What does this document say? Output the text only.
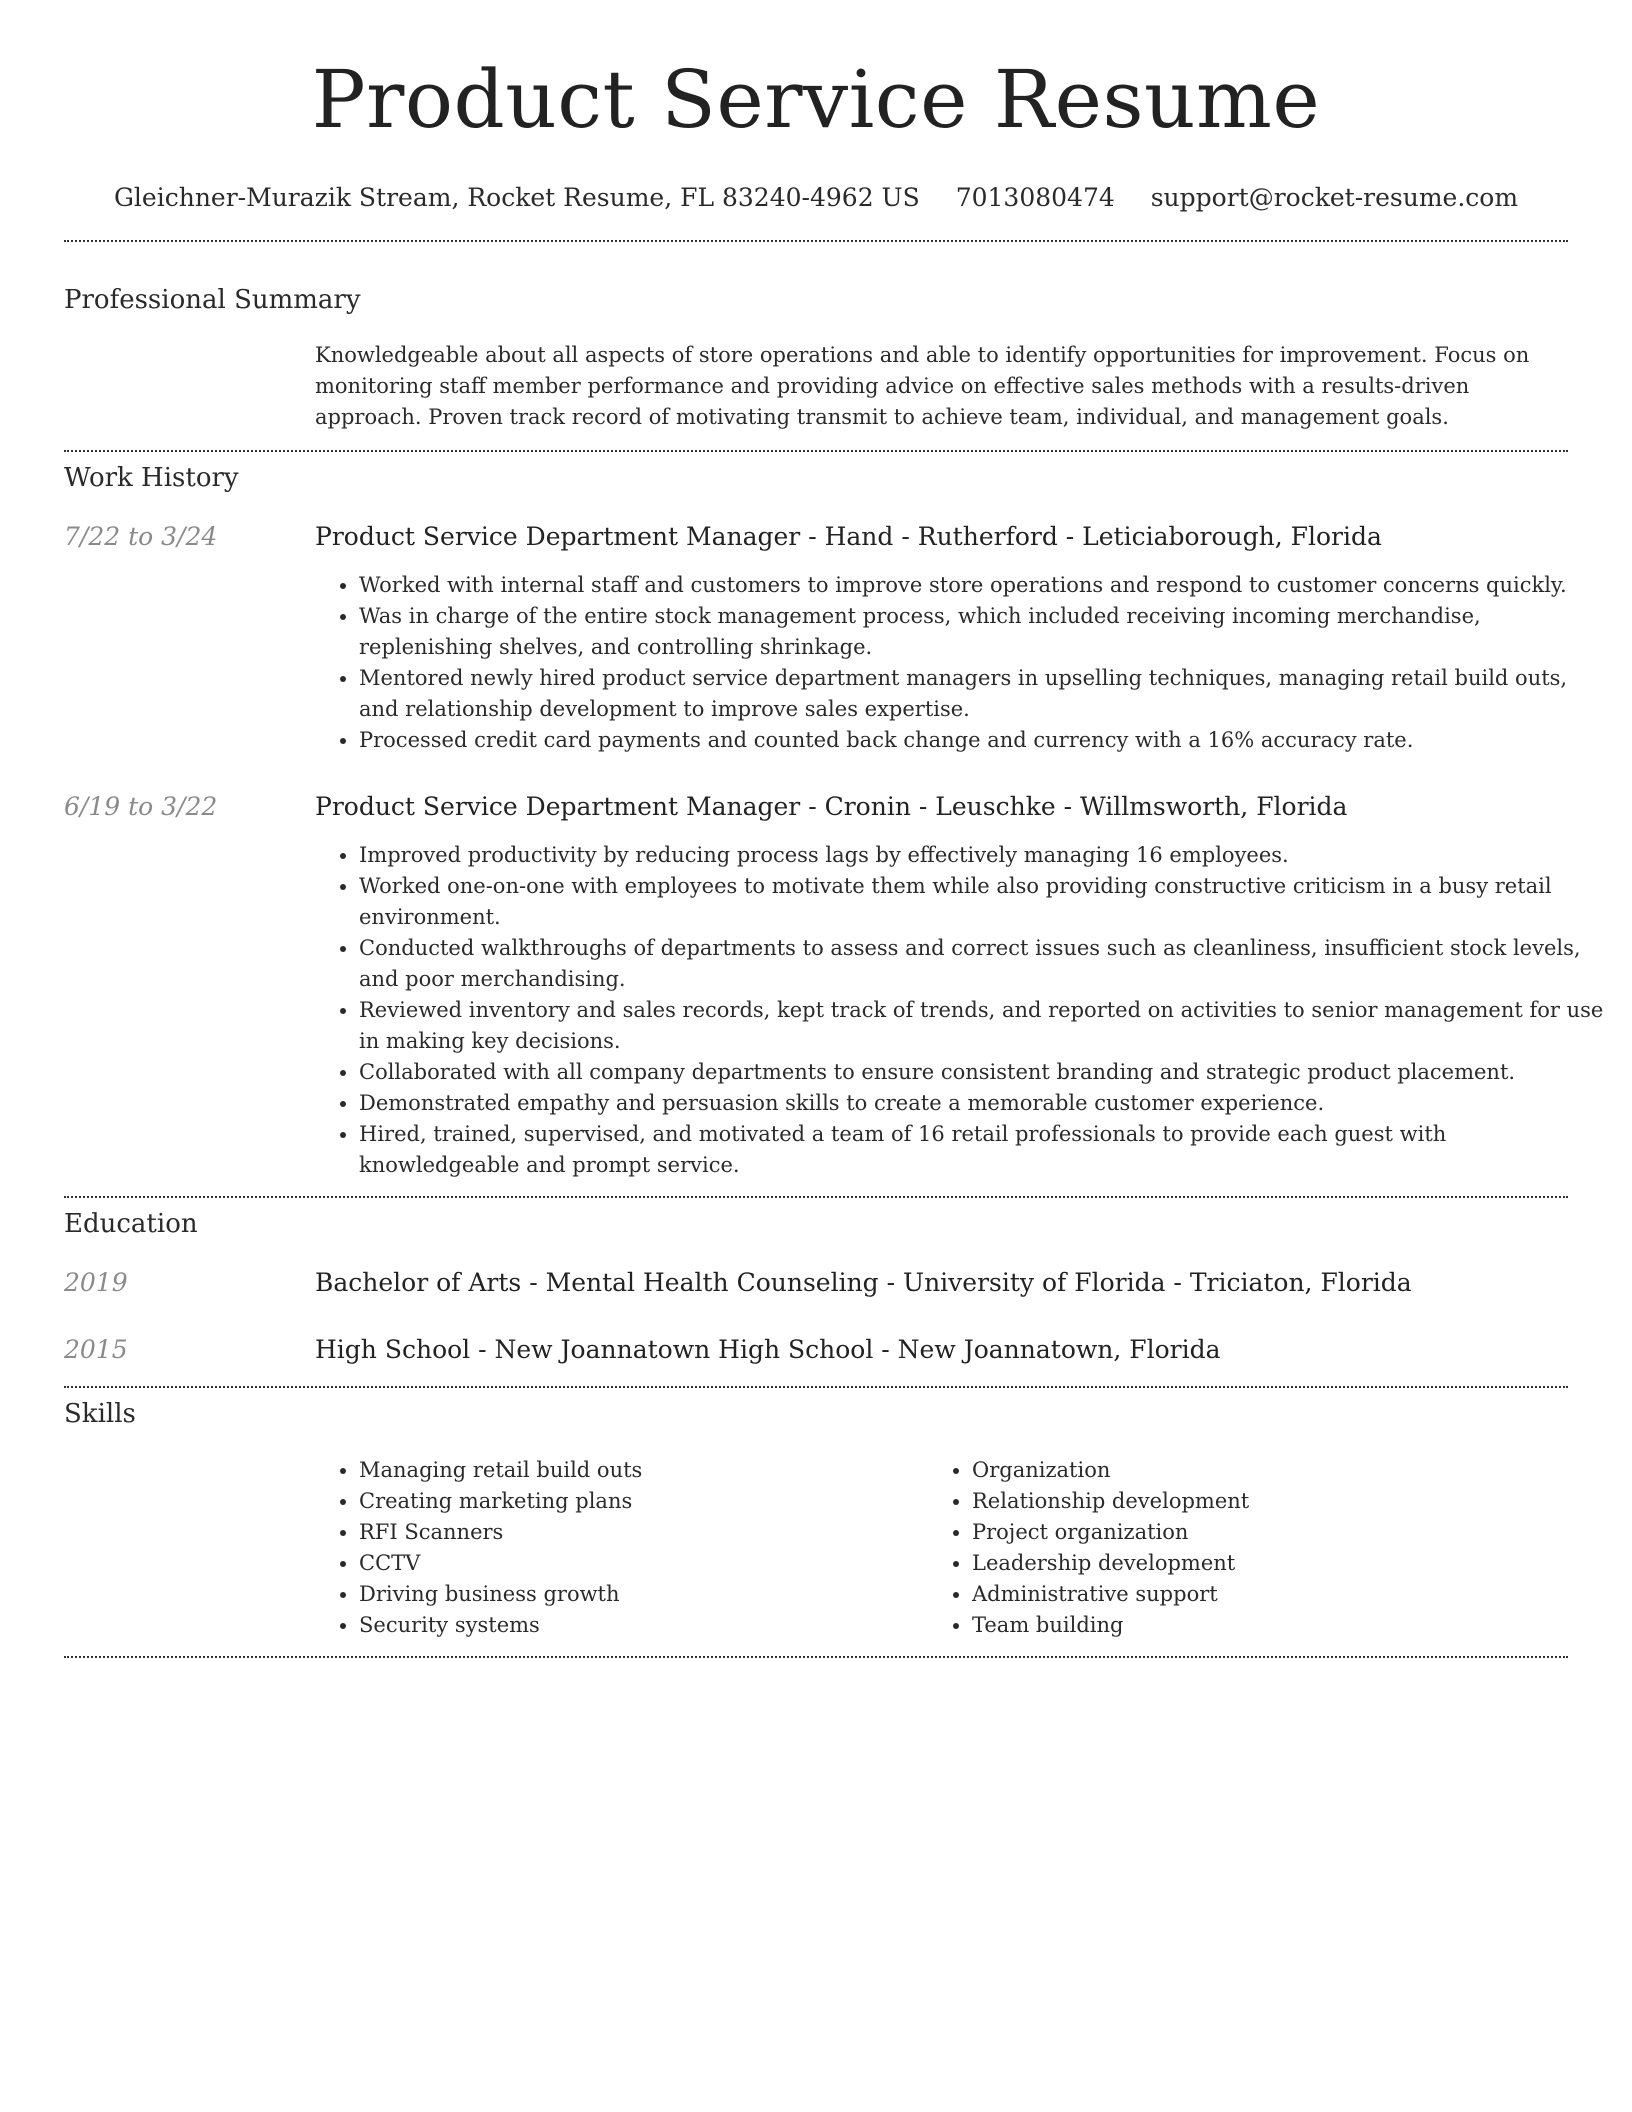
Product Service Resume
Gleichner-Murazik Stream, Rocket Resume, FL 83240-4962 US 7013080474 support@rocket-resume.com
Professional Summary

Knowledgeable about all aspects of store operations and able to identify opportunities for improvement. Focus on monitoring staff member performance and providing advice on effective sales methods with a results-driven approach. Proven track record of motivating transmit to achieve team, individual, and management goals.

Work History
7/22 to 3/24	Product Service Department Manager - Hand - Rutherford - Leticiaborough, Florida
• Worked with internal staff and customers to improve store operations and respond to customer concerns quickly.
• Was in charge of the entire stock management process, which included receiving incoming merchandise, replenishing shelves, and controlling shrinkage.
• Mentored newly hired product service department managers in upselling techniques, managing retail build outs, and relationship development to improve sales expertise.
• Processed credit card payments and counted back change and currency with a 16% accuracy rate.
6/19 to 3/22	Product Service Department Manager - Cronin - Leuschke - Willmsworth, Florida
• Improved productivity by reducing process lags by effectively managing 16 employees.
• Worked one-on-one with employees to motivate them while also providing constructive criticism in a busy retail environment.
• Conducted walkthroughs of departments to assess and correct issues such as cleanliness, insufficient stock levels, and poor merchandising.
• Reviewed inventory and sales records, kept track of trends, and reported on activities to senior management for use in making key decisions.
• Collaborated with all company departments to ensure consistent branding and strategic product placement.
• Demonstrated empathy and persuasion skills to create a memorable customer experience.
• Hired, trained, supervised, and motivated a team of 16 retail professionals to provide each guest with knowledgeable and prompt service.
Education
2019	Bachelor of Arts - Mental Health Counseling - University of Florida - Triciaton, Florida
2015	High School - New Joannatown High School - New Joannatown, Florida
Skills
• Managing retail build outs
• Creating marketing plans
• RFI Scanners
• CCTV
• Driving business growth
• Security systems
• Organization
• Relationship development
• Project organization
• Leadership development
• Administrative support
• Team building
